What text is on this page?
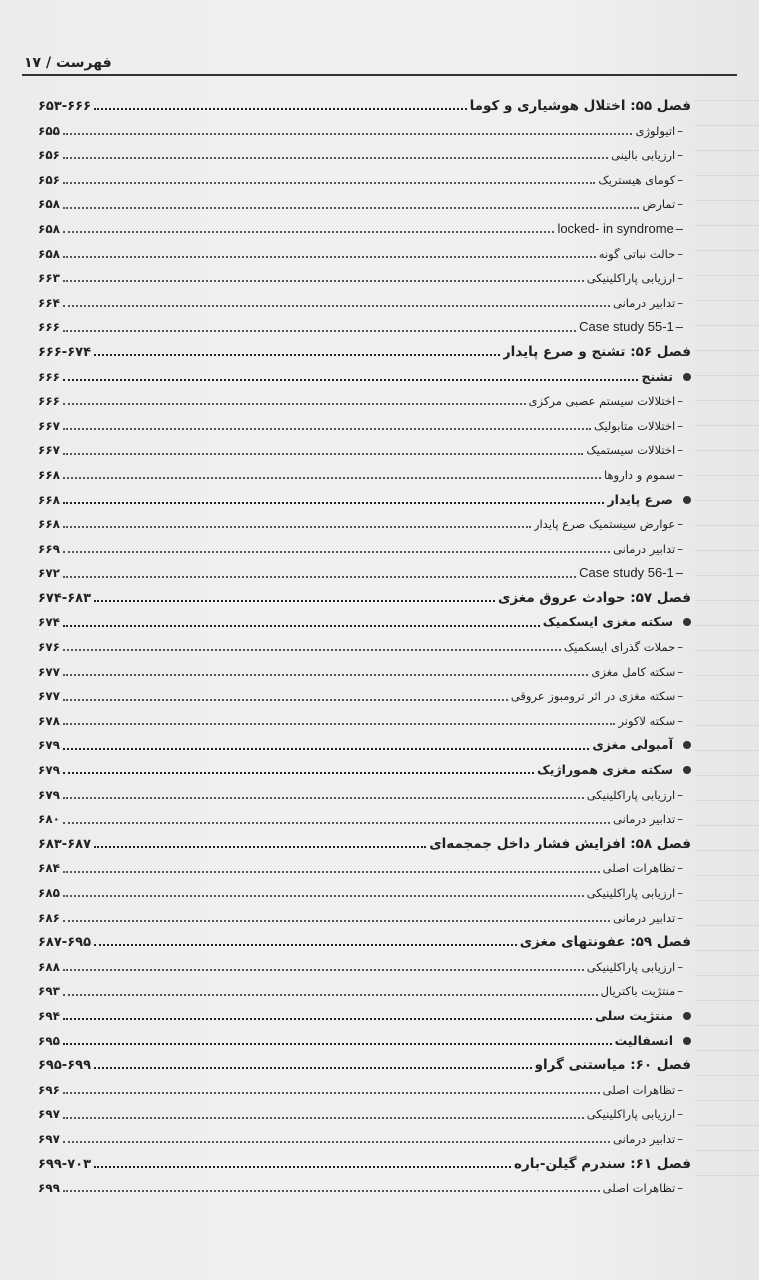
فهرست / ۱۷
فصل ۵۵: اختلال هوشیاری و کوما
۶۵۳-۶۶۶
– اتیولوژی
۶۵۵
– ارزیابی بالینی
۶۵۶
– کومای هیستریک
۶۵۶
– تمارض
۶۵۸
– locked- in syndrome
۶۵۸
– حالت نباتی گونه
۶۵۸
– ارزیابی پاراکلینیکی
۶۶۳
– تدابیر درمانی
۶۶۴
– Case study 55-1
۶۶۶
فصل ۵۶: تشنج و صرع پایدار
۶۶۶-۶۷۴
تشنج
۶۶۶
– اختلالات سیستم عصبی مرکزی
۶۶۶
– اختلالات متابولیک
۶۶۷
– اختلالات سیستمیک
۶۶۷
– سموم و داروها
۶۶۸
صرع پایدار
۶۶۸
– عوارض سیستمیک صرع پایدار
۶۶۸
– تدابیر درمانی
۶۶۹
– Case study 56-1
۶۷۲
فصل ۵۷: حوادث عروق مغزی
۶۷۴-۶۸۳
سکته مغزی ایسکمیک
۶۷۴
– حملات گذرای ایسکمیک
۶۷۶
– سکته کامل مغزی
۶۷۷
– سکته مغزی در اثر ترومبوز عروقی
۶۷۷
– سکته لاکونر
۶۷۸
آمبولی مغزی
۶۷۹
سکته مغزی هموراژیک
۶۷۹
– ارزیابی پاراکلینیکی
۶۷۹
– تدابیر درمانی
۶۸۰
فصل ۵۸: افزایش فشار داخل جمجمه‌ای
۶۸۳-۶۸۷
– تظاهرات اصلی
۶۸۴
– ارزیابی پاراکلینیکی
۶۸۵
– تدابیر درمانی
۶۸۶
فصل ۵۹: عفونتهای مغزی
۶۸۷-۶۹۵
– ارزیابی پاراکلینیکی
۶۸۸
– منتژیت باکتریال
۶۹۳
منتژیت سلی
۶۹۴
انسفالیت
۶۹۵
فصل ۶۰: میاستنی گراو
۶۹۵-۶۹۹
– تظاهرات اصلی
۶۹۶
– ارزیابی پاراکلینیکی
۶۹۷
– تدابیر درمانی
۶۹۷
فصل ۶۱: سندرم گیلن-باره
۶۹۹-۷۰۳
– تظاهرات اصلی
۶۹۹
